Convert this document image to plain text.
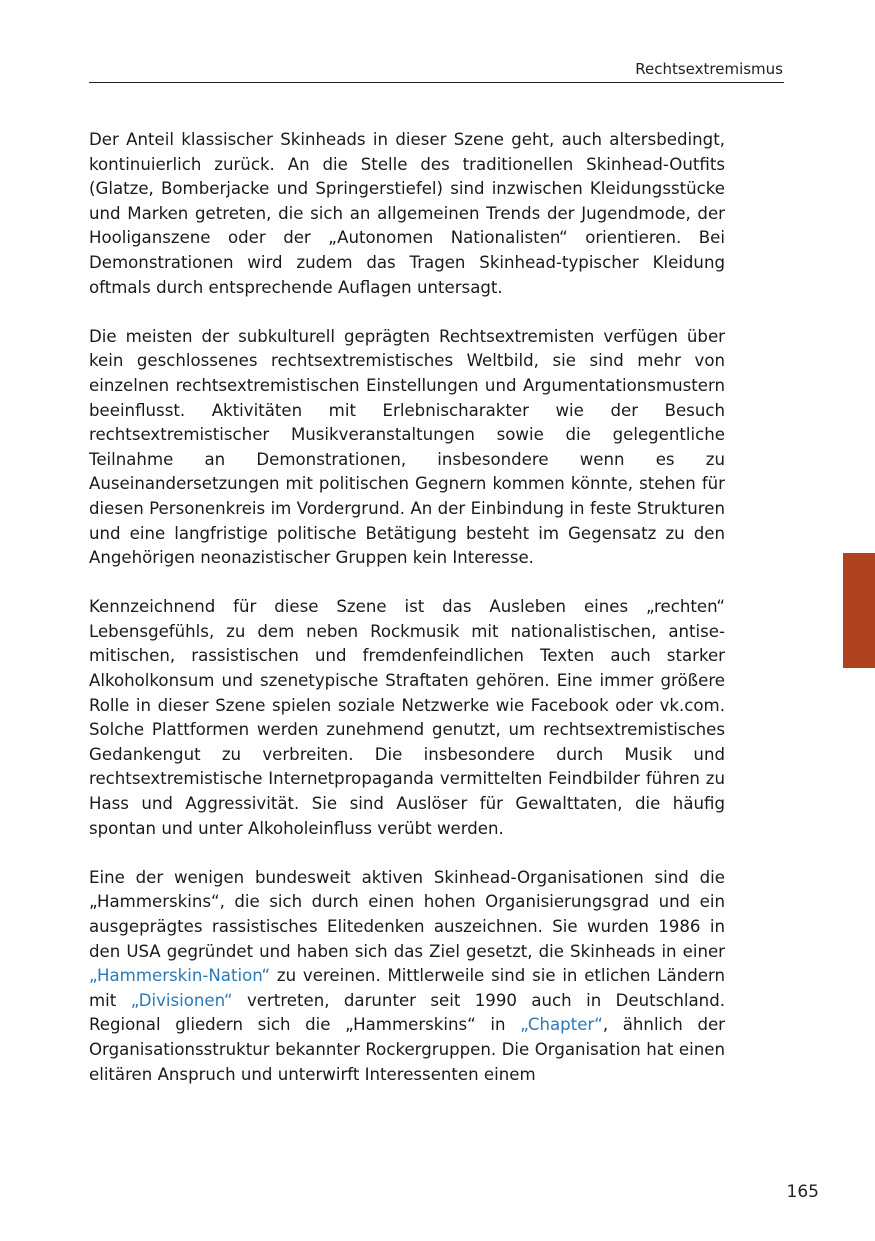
Rechtsextremismus

Der Anteil klassischer Skinheads in dieser Szene geht, auch altersbedingt, kontinuierlich zurück. An die Stelle des traditionellen Skinhead-Outfits (Glatze, Bomberjacke und Springerstiefel) sind inzwischen Kleidungsstücke und Marken getreten, die sich an allgemeinen Trends der Jugendmode, der Hooliganszene oder der „Autonomen Nationalisten“ orientieren. Bei Demonstrationen wird zudem das Tragen Skinhead-typischer Kleidung oftmals durch entsprechende Auflagen untersagt.

Die meisten der subkulturell geprägten Rechtsextremisten verfügen über kein geschlossenes rechtsextremistisches Weltbild, sie sind mehr von einzelnen rechtsextremistischen Einstellungen und Argumentationsmustern beeinflusst. Aktivitäten mit Erlebnischarakter wie der Besuch rechtsextremistischer Musikveranstaltungen sowie die gelegentliche Teilnahme an Demonstrationen, insbesondere wenn es zu Auseinandersetzungen mit politischen Gegnern kommen könnte, stehen für diesen Personenkreis im Vordergrund. An der Einbindung in feste Strukturen und eine langfristige politische Betätigung besteht im Gegensatz zu den Angehörigen neonazistischer Gruppen kein Interesse.

Kennzeichnend für diese Szene ist das Ausleben eines „rechten“ Lebensgefühls, zu dem neben Rockmusik mit nationalistischen, antisemitischen, rassistischen und fremdenfeindlichen Texten auch starker Alkoholkonsum und szenetypische Straftaten gehören. Eine immer größere Rolle in dieser Szene spielen soziale Netzwerke wie Facebook oder vk.com. Solche Plattformen werden zunehmend genutzt, um rechtsextremistisches Gedankengut zu verbreiten. Die insbesondere durch Musik und rechtsextremistische Internetpropaganda vermittelten Feindbilder führen zu Hass und Aggressivität. Sie sind Auslöser für Gewalttaten, die häufig spontan und unter Alkoholeinfluss verübt werden.

Eine der wenigen bundesweit aktiven Skinhead-Organisationen sind die „Hammerskins“, die sich durch einen hohen Organisierungsgrad und ein ausgeprägtes rassistisches Elitedenken auszeichnen. Sie wurden 1986 in den USA gegründet und haben sich das Ziel gesetzt, die Skinheads in einer „Hammerskin-Nation“ zu vereinen. Mittlerweile sind sie in etlichen Ländern mit „Divisionen“ vertreten, darunter seit 1990 auch in Deutschland. Regional gliedern sich die „Hammerskins“ in „Chapter“, ähnlich der Organisationsstruktur bekannter Rockergruppen. Die Organisation hat einen elitären Anspruch und unterwirft Interessenten einem

165
